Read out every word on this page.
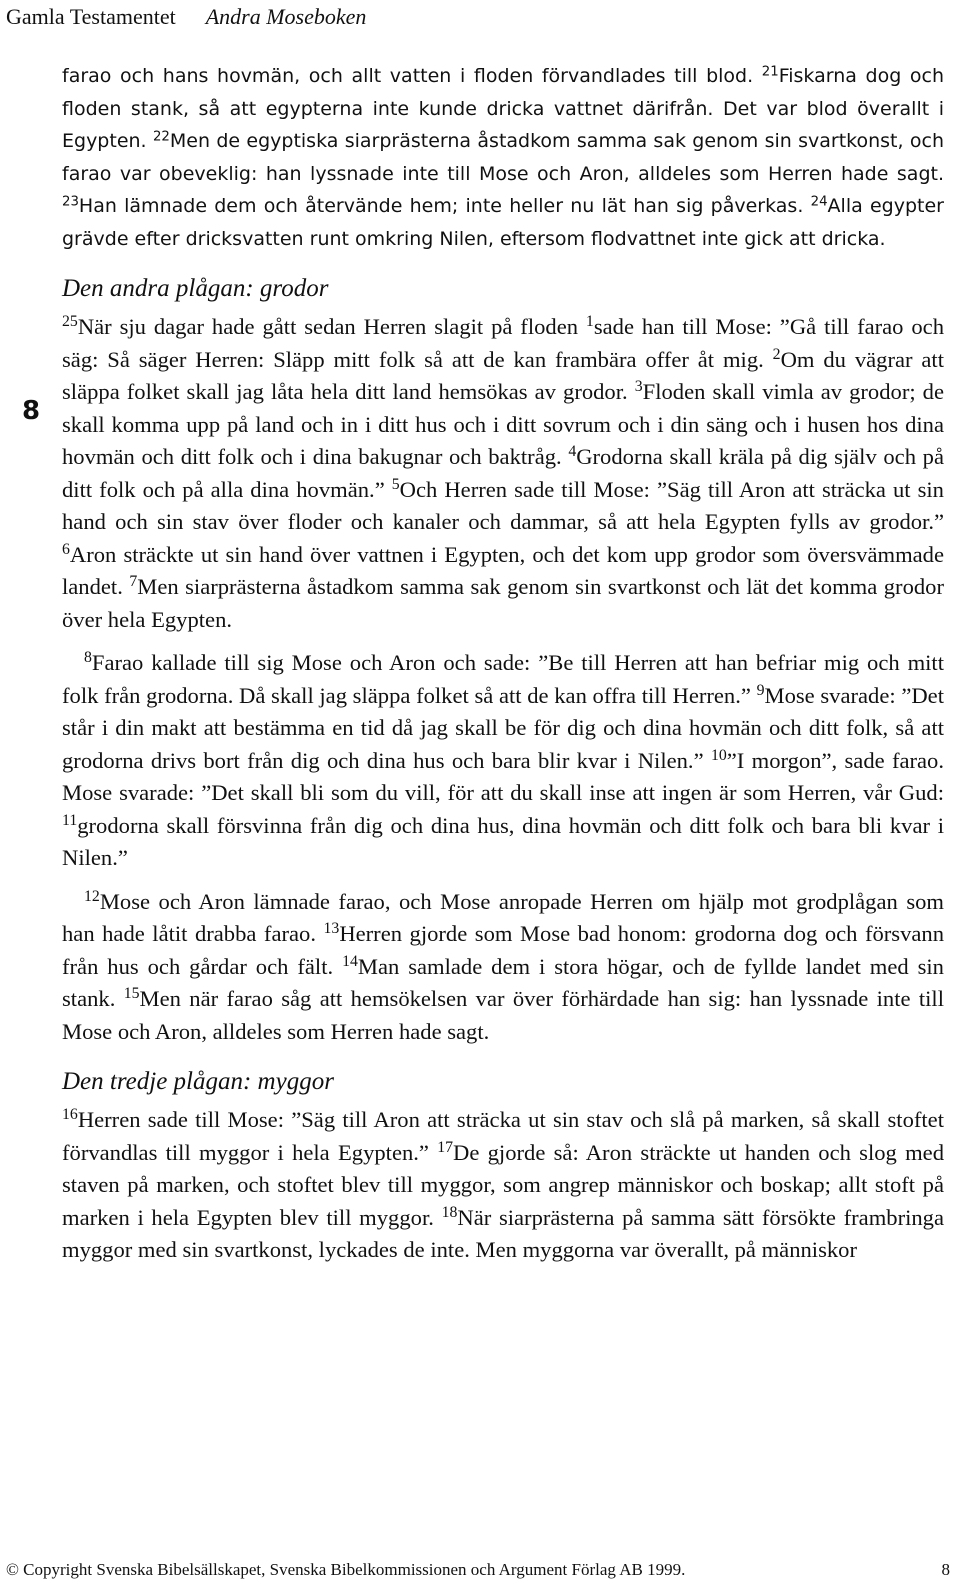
Gamla Testamentet Andra Moseboken
8

farao och hans hovmän, och allt vatten i floden förvandlades till blod. $^{21}$Fiskarna dog och floden stank, så att egypterna inte kunde dricka vattnet därifrån. Det var blod överallt i Egypten. $^{22}$Men de egyptiska siarprästerna åstadkom samma sak genom sin svartkonst, och farao var obeveklig: han lyssnade inte till Mose och Aron, alldeles som Herren hade sagt. $^{23}$Han lämnade dem och återvände hem; inte heller nu lät han sig påverkas. $^{24}$Alla egypter grävde efter dricksvatten runt omkring Nilen, eftersom flodvattnet inte gick att dricka.

Den andra plågan: grodor

$^{25}$När sju dagar hade gått sedan Herren slagit på floden $^1$sade han till Mose: ”Gå till farao och säg: Så säger Herren: Släpp mitt folk så att de kan frambära offer åt mig. $^2$Om du vägrar att släppa folket skall jag låta hela ditt land hemsökas av grodor. $^3$Floden skall vimla av grodor; de skall komma upp på land och in i ditt hus och i ditt sovrum och i din säng och i husen hos dina hovmän och ditt folk och i dina bakugnar och baktråg. $^4$Grodorna skall kräla på dig själv och på ditt folk och på alla dina hovmän.” $^5$Och Herren sade till Mose: ”Säg till Aron att sträcka ut sin hand och sin stav över floder och kanaler och dammar, så att hela Egypten fylls av grodor.” $^6$Aron sträckte ut sin hand över vattnen i Egypten, och det kom upp grodor som översvämmade landet. $^7$Men siarprästerna åstadkom samma sak genom sin svartkonst och lät det komma grodor över hela Egypten.

$^8$Farao kallade till sig Mose och Aron och sade: ”Be till Herren att han befriar mig och mitt folk från grodorna. Då skall jag släppa folket så att de kan offra till Herren.” $^9$Mose svarade: ”Det står i din makt att bestämma en tid då jag skall be för dig och dina hovmän och ditt folk, så att grodorna drivs bort från dig och dina hus och bara blir kvar i Nilen.” $^{10}$”I morgon”, sade farao. Mose svarade: ”Det skall bli som du vill, för att du skall inse att ingen är som Herren, vår Gud: $^{11}$grodorna skall försvinna från dig och dina hus, dina hovmän och ditt folk och bara bli kvar i Nilen.”

$^{12}$Mose och Aron lämnade farao, och Mose anropade Herren om hjälp mot grodplågan som han hade låtit drabba farao. $^{13}$Herren gjorde som Mose bad honom: grodorna dog och försvann från hus och gårdar och fält. $^{14}$Man samlade dem i stora högar, och de fyllde landet med sin stank. $^{15}$Men när farao såg att hemsökelsen var över förhärdade han sig: han lyssnade inte till Mose och Aron, alldeles som Herren hade sagt.

Den tredje plågan: myggor

$^{16}$Herren sade till Mose: ”Säg till Aron att sträcka ut sin stav och slå på marken, så skall stoftet förvandlas till myggor i hela Egypten.” $^{17}$De gjorde så: Aron sträckte ut handen och slog med staven på marken, och stoftet blev till myggor, som angrep människor och boskap; allt stoft på marken i hela Egypten blev till myggor. $^{18}$När siarprästerna på samma sätt försökte frambringa myggor med sin svartkonst, lyckades de inte. Men myggorna var överallt, på människor

© Copyright Svenska Bibelsällskapet, Svenska Bibelkommissionen och Argument Förlag AB 1999.	8
